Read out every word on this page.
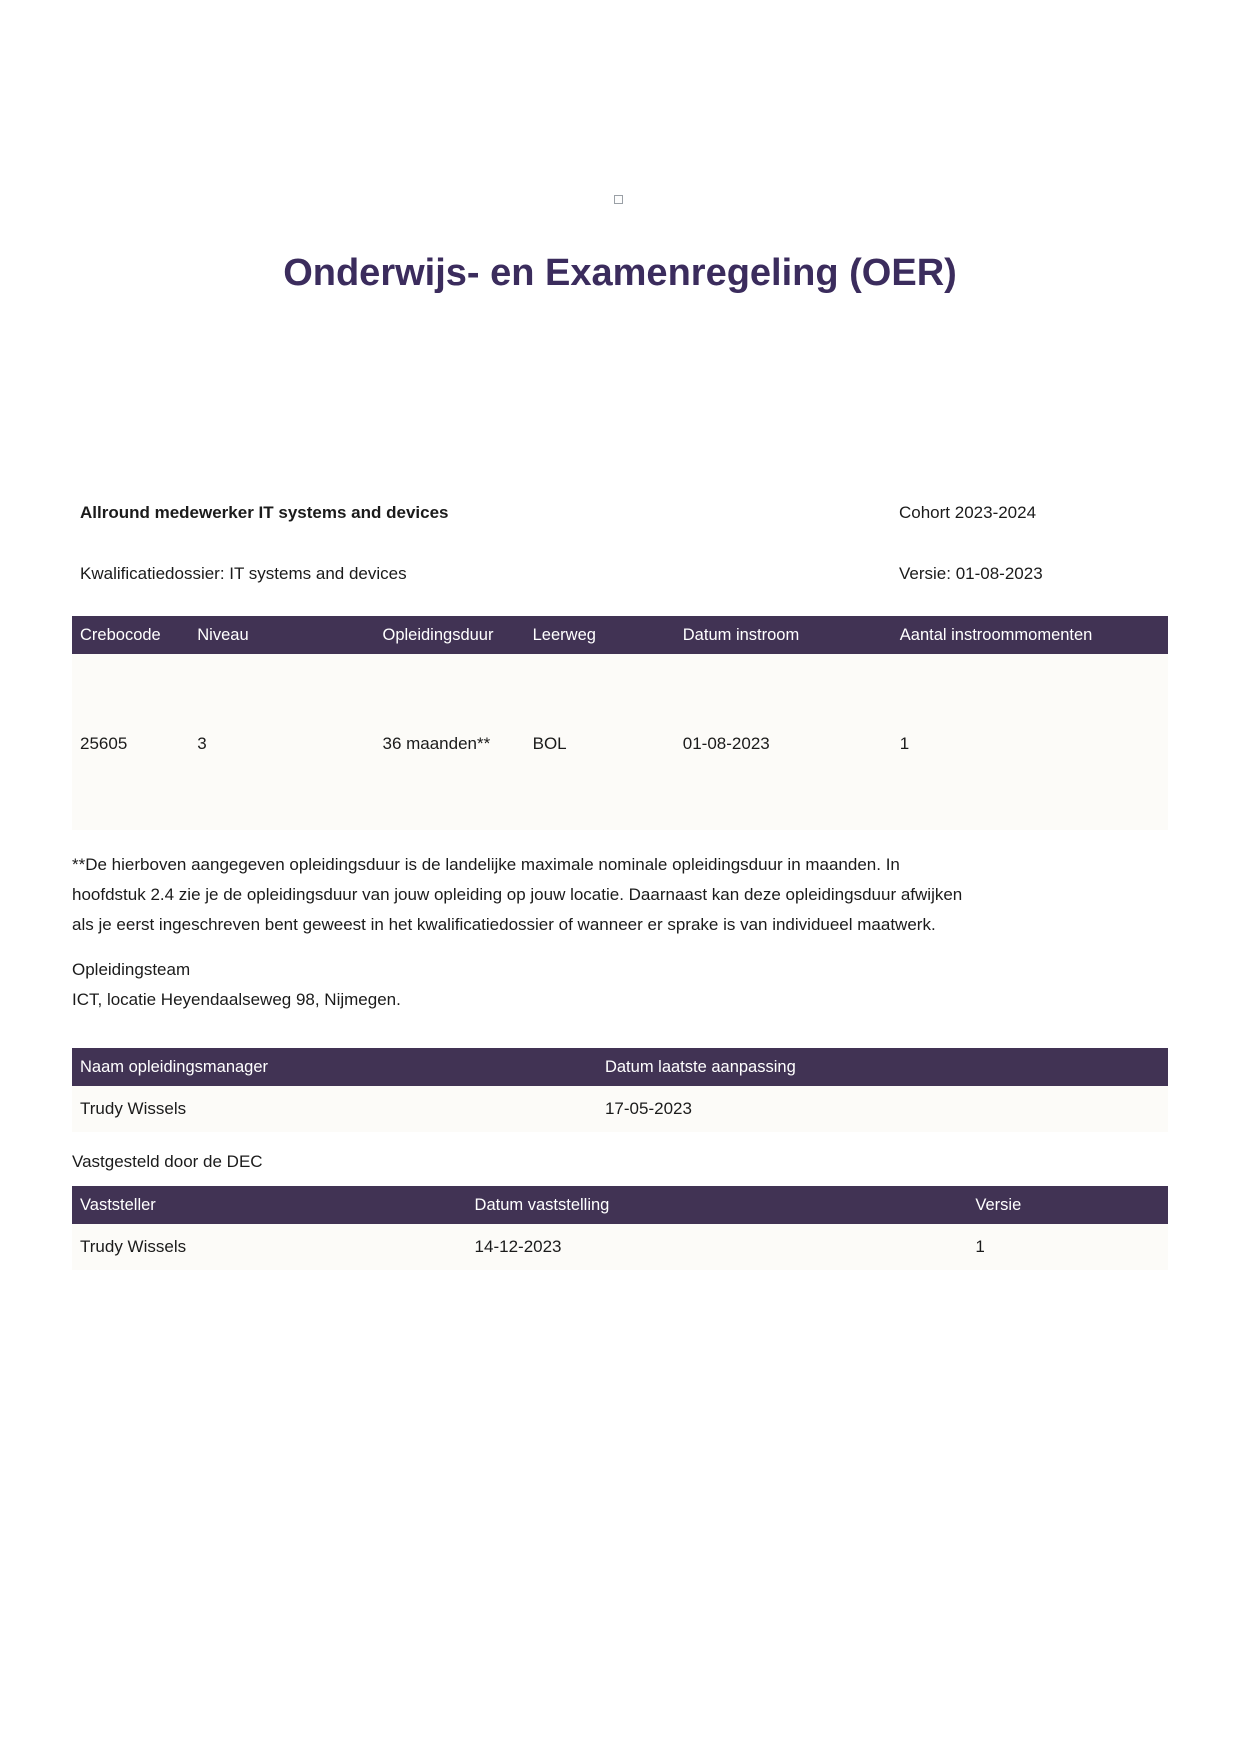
Onderwijs- en Examenregeling (OER)
Allround medewerker IT systems and devices	Cohort 2023-2024
Kwalificatiedossier: IT systems and devices	Versie: 01-08-2023
Crebocode	Niveau	Opleidingsduur	Leerweg	Datum instroom	Aantal instroommomenten
25605	3	36 maanden**	BOL	01-08-2023	1
**De hierboven aangegeven opleidingsduur is de landelijke maximale nominale opleidingsduur in maanden. In
hoofdstuk 2.4 zie je de opleidingsduur van jouw opleiding op jouw locatie. Daarnaast kan deze opleidingsduur afwijken
als je eerst ingeschreven bent geweest in het kwalificatiedossier of wanneer er sprake is van individueel maatwerk.
Opleidingsteam
ICT, locatie Heyendaalseweg 98, Nijmegen.
Naam opleidingsmanager	Datum laatste aanpassing
Trudy Wissels	17-05-2023
Vastgesteld door de DEC
Vaststeller	Datum vaststelling	Versie
Trudy Wissels	14-12-2023	1
